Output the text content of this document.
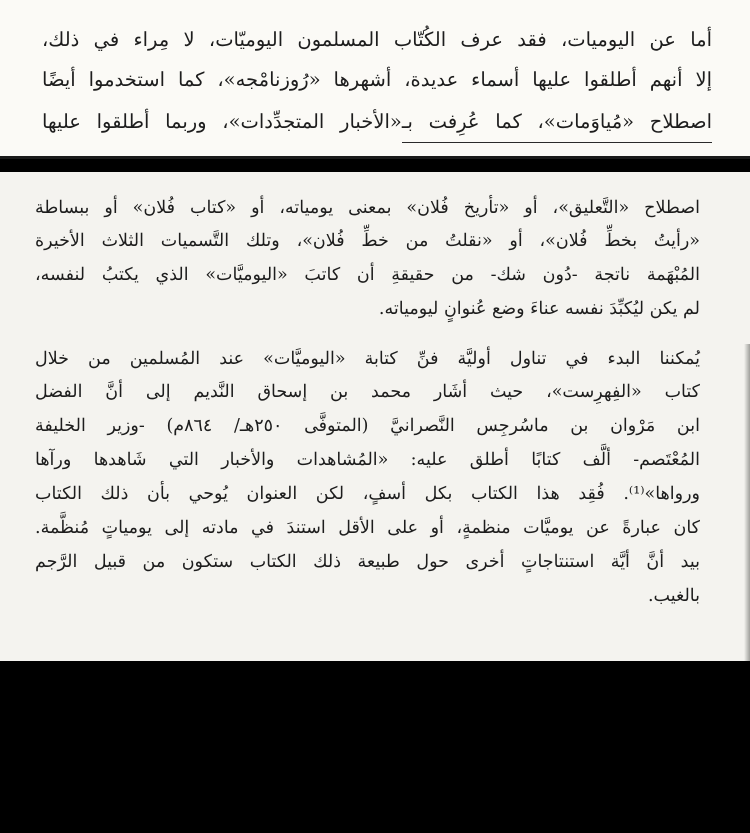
أما عن اليوميات، فقد عرف الكُتّاب المسلمون اليوميّات، لا مِراء في ذلك،
إلا أنهم أطلقوا عليها أسماء عديدة، أشهرها «رُوزنامْجه»، كما استخدموا أيضًا
اصطلاح «مُياوَمات»، كما عُرِفت بـ«الأخبار المتجدِّدات»، وربما أطلقوا عليها
اصطلاح «التَّعليق»، أو «تأريخ فُلان» بمعنى يومياته، أو «كتاب فُلان» أو ببساطة
«رأيتُ بخطِّ فُلان»، أو «نقلتُ من خطِّ فُلان»، وتلك التَّسميات الثلاث الأخيرة
المُبْهَمة ناتجة -دُون شك- من حقيقةِ أن كاتبَ «اليوميَّات» الذي يكتبُ لنفسه،
لم يكن ليُكبِّدَ نفسه عناءَ وضع عُنوانٍ ليومياته.
يُمكننا البدء في تناول أوليَّة فنِّ كتابة «اليوميَّات» عند المُسلمين من خلال
كتاب «الفِهرِست»، حيث أشَار محمد بن إسحاق النَّديم إلى أنَّ الفضل
ابن مَرْوان بن ماسُرجِس النَّصرانيَّ (المتوفَّى ٢٥٠هـ/ ٨٦٤م) -وزير الخليفة
المُعْتَصم- ألَّف كتابًا أطلق عليه: «المُشاهدات والأخبار التي شَاهدها ورآها
ورواها»⁽¹⁾. فُقِد هذا الكتاب بكل أسفٍ، لكن العنوان يُوحي بأن ذلك الكتاب
كان عبارةً عن يوميَّات منظمةٍ، أو على الأقل استندَ في مادته إلى يومياتٍ مُنظَّمة.
بيد أنَّ أيَّة استنتاجاتٍ أخرى حول طبيعة ذلك الكتاب ستكون من قبيل الرَّجم
بالغيب.
